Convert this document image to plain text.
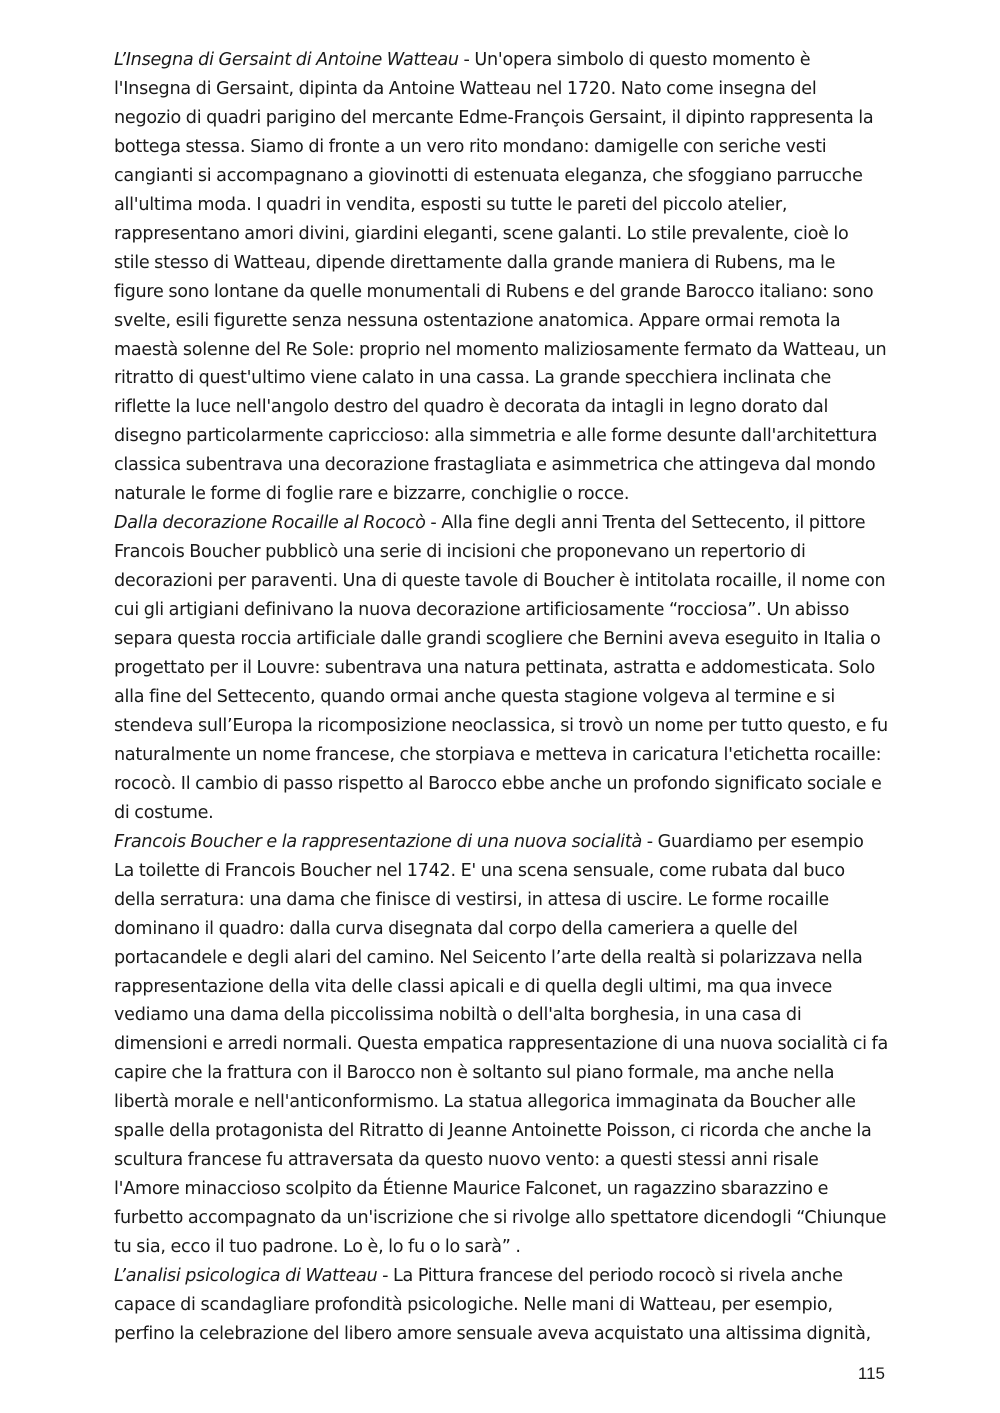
L’Insegna di Gersaint di Antoine Watteau - Un'opera simbolo di questo momento è l'Insegna di Gersaint, dipinta da Antoine Watteau nel 1720. Nato come insegna del negozio di quadri parigino del mercante Edme-François Gersaint, il dipinto rappresenta la bottega stessa. Siamo di fronte a un vero rito mondano: damigelle con seriche vesti cangianti si accompagnano a giovinotti di estenuata eleganza, che sfoggiano parrucche all'ultima moda. I quadri in vendita, esposti su tutte le pareti del piccolo atelier, rappresentano amori divini, giardini eleganti, scene galanti. Lo stile prevalente, cioè lo stile stesso di Watteau, dipende direttamente dalla grande maniera di Rubens, ma le figure sono lontane da quelle monumentali di Rubens e del grande Barocco italiano: sono svelte, esili figurette senza nessuna ostentazione anatomica. Appare ormai remota la maestà solenne del Re Sole: proprio nel momento maliziosamente fermato da Watteau, un ritratto di quest'ultimo viene calato in una cassa. La grande specchiera inclinata che riflette la luce nell'angolo destro del quadro è decorata da intagli in legno dorato dal disegno particolarmente capriccioso: alla simmetria e alle forme desunte dall'architettura classica subentrava una decorazione frastagliata e asimmetrica che attingeva dal mondo naturale le forme di foglie rare e bizzarre, conchiglie o rocce.

Dalla decorazione Rocaille al Rococò - Alla fine degli anni Trenta del Settecento, il pittore Francois Boucher pubblicò una serie di incisioni che proponevano un repertorio di decorazioni per paraventi. Una di queste tavole di Boucher è intitolata rocaille, il nome con cui gli artigiani definivano la nuova decorazione artificiosamente “rocciosa”. Un abisso separa questa roccia artificiale dalle grandi scogliere che Bernini aveva eseguito in Italia o progettato per il Louvre: subentrava una natura pettinata, astratta e addomesticata. Solo alla fine del Settecento, quando ormai anche questa stagione volgeva al termine e si stendeva sull’Europa la ricomposizione neoclassica, si trovò un nome per tutto questo, e fu naturalmente un nome francese, che storpiava e metteva in caricatura l'etichetta rocaille: rococò. Il cambio di passo rispetto al Barocco ebbe anche un profondo significato sociale e di costume.

Francois Boucher e la rappresentazione di una nuova socialità - Guardiamo per esempio La toilette di Francois Boucher nel 1742. E' una scena sensuale, come rubata dal buco della serratura: una dama che finisce di vestirsi, in attesa di uscire. Le forme rocaille dominano il quadro: dalla curva disegnata dal corpo della cameriera a quelle del portacandele e degli alari del camino. Nel Seicento l’arte della realtà si polarizzava nella rappresentazione della vita delle classi apicali e di quella degli ultimi, ma qua invece vediamo una dama della piccolissima nobiltà o dell'alta borghesia, in una casa di dimensioni e arredi normali. Questa empatica rappresentazione di una nuova socialità ci fa capire che la frattura con il Barocco non è soltanto sul piano formale, ma anche nella libertà morale e nell'anticonformismo. La statua allegorica immaginata da Boucher alle spalle della protagonista del Ritratto di Jeanne Antoinette Poisson, ci ricorda che anche la scultura francese fu attraversata da questo nuovo vento: a questi stessi anni risale l'Amore minaccioso scolpito da Étienne Maurice Falconet, un ragazzino sbarazzino e furbetto accompagnato da un'iscrizione che si rivolge allo spettatore dicendogli “Chiunque tu sia, ecco il tuo padrone. Lo è, lo fu o lo sarà” .

L’analisi psicologica di Watteau - La Pittura francese del periodo rococò si rivela anche capace di scandagliare profondità psicologiche. Nelle mani di Watteau, per esempio, perfino la celebrazione del libero amore sensuale aveva acquistato una altissima dignità,

115
